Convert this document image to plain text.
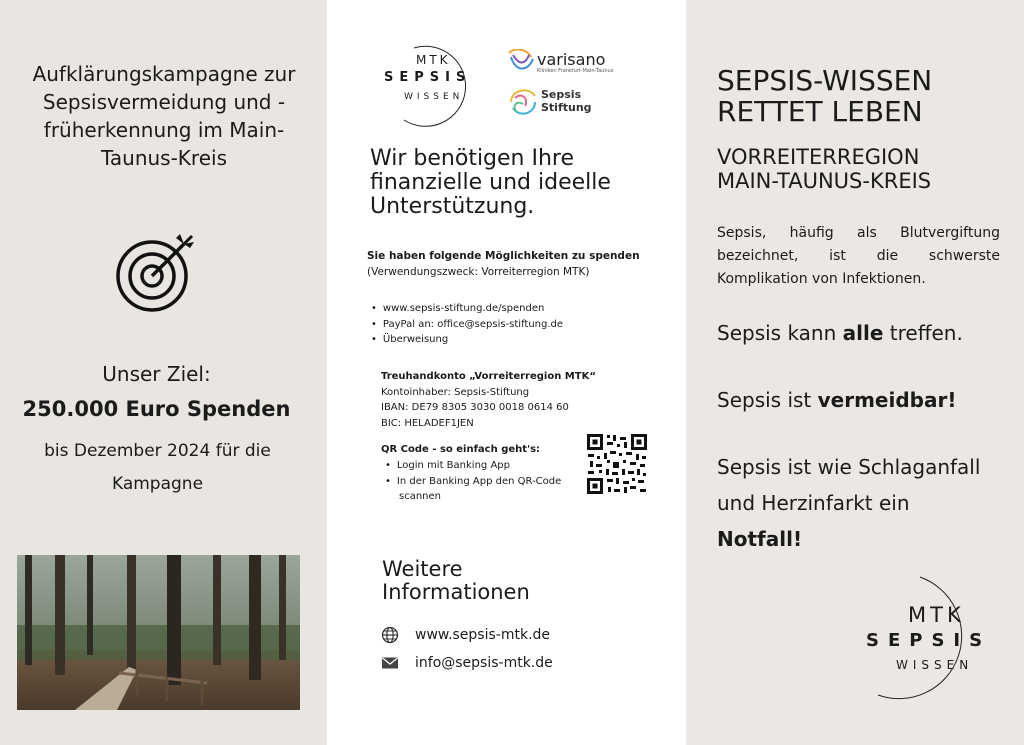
Aufklärungskampagne zur Sepsisvermeidung und -früherkennung im Main-Taunus-Kreis
Unser Ziel:
250.000 Euro Spenden
bis Dezember 2024 für die Kampagne
MTK
SEPSIS
WISSEN
varisano
Kliniken Frankfurt-Main-Taunus
Sepsis
Stiftung
Wir benötigen Ihre finanzielle und ideelle Unterstützung.
Sie haben folgende Möglichkeiten zu spenden
(Verwendungszweck: Vorreiterregion MTK)
• www.sepsis-stiftung.de/spenden
• PayPal an: office@sepsis-stiftung.de
• Überweisung
Treuhandkonto „Vorreiterregion MTK“
Kontoinhaber: Sepsis-Stiftung
IBAN: DE79 8305 3030 0018 0614 60
BIC: HELADEF1JEN
QR Code - so einfach geht's:
• Login mit Banking App
• In der Banking App den QR-Code
scannen
Weitere
Informationen
www.sepsis-mtk.de
info@sepsis-mtk.de
SEPSIS-WISSEN
RETTET LEBEN
VORREITERREGION
MAIN-TAUNUS-KREIS
Sepsis, häufig als Blutvergiftung bezeichnet, ist die schwerste Komplikation von Infektionen.
Sepsis kann alle treffen.
Sepsis ist vermeidbar!
Sepsis ist wie Schlaganfall
und Herzinfarkt ein
Notfall!
MTK
SEPSIS
WISSEN
